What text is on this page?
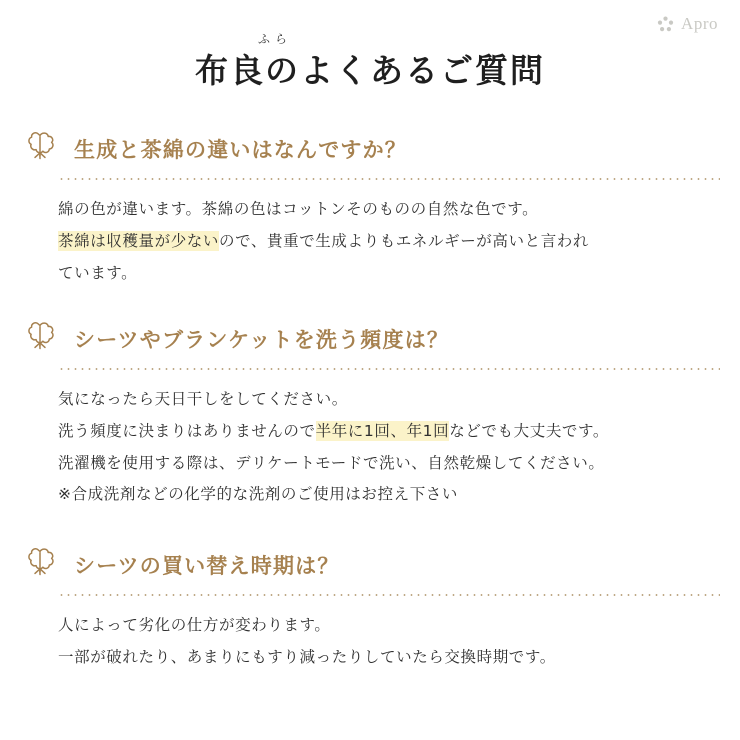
Apro
ふら
布良のよくあるご質問
生成と茶綿の違いはなんですか？
綿の色が違います。茶綿の色はコットンそのものの自然な色です。
茶綿は収穫量が少ないので、貴重で生成よりもエネルギーが高いと言われ
ています。
シーツやブランケットを洗う頻度は？
気になったら天日干しをしてください。
洗う頻度に決まりはありませんので半年に1回、年1回などでも大丈夫です。
洗濯機を使用する際は、デリケートモードで洗い、自然乾燥してください。
※合成洗剤などの化学的な洗剤のご使用はお控え下さい
シーツの買い替え時期は？
人によって劣化の仕方が変わります。
一部が破れたり、あまりにもすり減ったりしていたら交換時期です。
